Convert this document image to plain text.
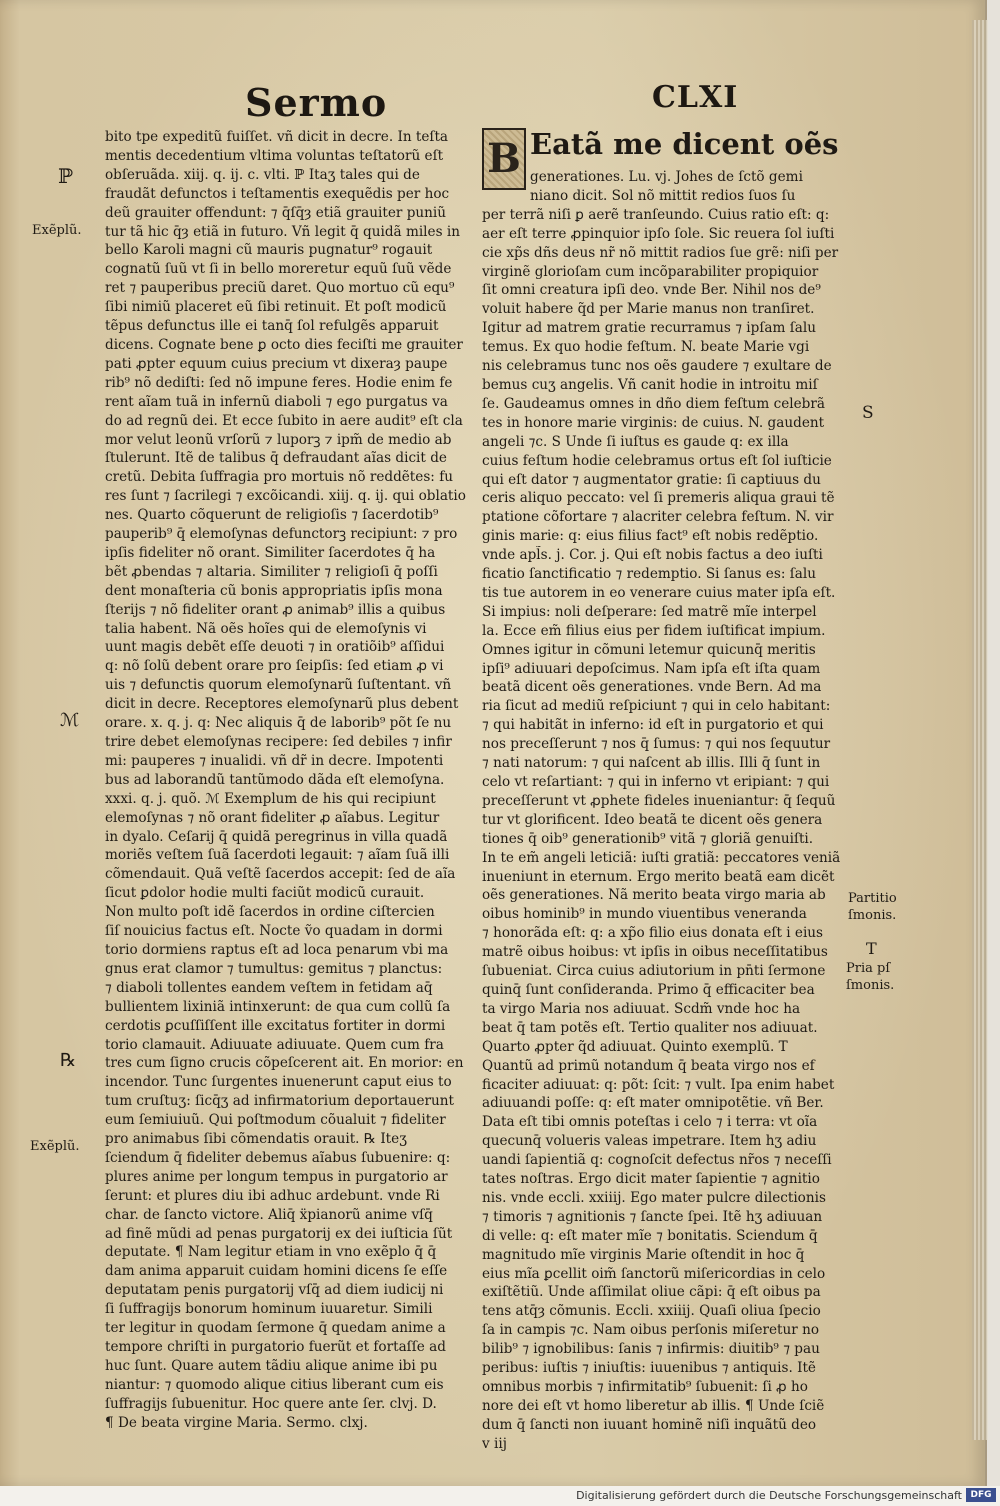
Sermo	CLXI
bito tpe expeditũ fuiſſet. vñ dicit in decre. In teſta
mentis decedentium vltima voluntas teſtatorũ eſt
obſeruãda. xiij. q. ij. c. vlti. ℙ Itaʒ tales qui de
fraudãt defunctos i teſtamentis exequẽdis per hoc
deũ grauiter offendunt: ⁊ q̄ſq̄ȝ etiã grauiter puniũ
tur tã hic q̄ȝ etiã in futuro. Vñ legit q̄ quidã miles in
bello Karoli magni cũ mauris pugnatur⁹ rogauit
cognatũ ſuũ vt ſi in bello moreretur equũ ſuũ vẽde
ret ⁊ pauperibus preciũ daret. Quo mortuo cũ equ⁹
ſibi nimiũ placeret eũ ſibi retinuit. Et poſt modicũ
tẽpus defunctus ille ei tanq̄ ſol refulgẽs apparuit
dicens. Cognate bene ꝑ octo dies feciſti me grauiter
pati ꝓpter equum cuius precium vt dixeraȝ paupe
rib⁹ nõ dediſti: ſed nõ impune feres. Hodie enim fe
rent aĩam tuã in infernũ diaboli ⁊ ego purgatus va
do ad regnũ dei. Et ecce ſubito in aere audit⁹ eſt cla
mor velut leonũ vrſorũ ⁊ luporꝫ ⁊ ipm̃ de medio ab
ſtulerunt. Itẽ de talibus q̄ defraudant aĩas dicit de
cretũ. Debita ſuffragia pro mortuis nõ reddẽtes: fu
res ſunt ⁊ ſacrilegi ⁊ excõicandi. xiij. q. ij. qui oblatio
nes. Quarto cõquerunt de religioſis ⁊ ſacerdotib⁹
pauperib⁹ q̄ elemoſynas defunctorꝫ recipiunt: ⁊ pro
ipſis fideliter nõ orant. Similiter ſacerdotes q̄ ha
bẽt ꝓbendas ⁊ altaria. Similiter ⁊ religioſi q̄ poſſi
dent monaſteria cũ bonis appropriatis ipſis mona
ſterijs ⁊ nõ fideliter orant ꝓ animab⁹ illis a quibus
talia habent. Nã oẽs hoĩes qui de elemoſynis vi
uunt magis debẽt eſſe deuoti ⁊ in oratiõib⁹ aſſidui
q: nõ ſolũ debent orare pro ſeipſis: ſed etiam ꝓ vi
uis ⁊ defunctis quorum elemoſynarũ ſuſtentant. vñ
dicit in decre. Receptores elemoſynarũ plus debent
orare. x. q. j. q: Nec aliquis q̄ de laborib⁹ põt ſe nu
trire debet elemoſynas recipere: ſed debiles ⁊ infir
mi: pauperes ⁊ inualidi. vñ dr̃ in decre. Impotenti
bus ad laborandũ tantũmodo dãda eſt elemoſyna.
xxxi. q. j. quõ. ℳ Exemplum de his qui recipiunt
elemoſynas ⁊ nõ orant fideliter ꝓ aĩabus. Legitur
in dyalo. Ceſarij q̄ quidã peregrinus in villa quadã
moriẽs veſtem ſuã ſacerdoti legauit: ⁊ aĩam ſuã illi
cõmendauit. Quã veſtẽ ſacerdos accepit: ſed de aĩa
ſicut ꝑdolor hodie multi faciũt modicũ curauit.
Non multo poſt idẽ ſacerdos in ordine ciſtercien
ſiſ nouicius factus eſt. Nocte ṽo quadam in dormi
torio dormiens raptus eſt ad loca penarum vbi ma
gnus erat clamor ⁊ tumultus: gemitus ⁊ planctus:
⁊ diaboli tollentes eandem veſtem in fetidam aq̄
bullientem lixiniã intinxerunt: de qua cum collũ ſa
cerdotis ꝑcuſſiſſent ille excitatus fortiter in dormi
torio clamauit. Adiuuate adiuuate. Quem cum fra
tres cum ſigno crucis cõpeſcerent ait. En morior: en
incendor. Tunc ſurgentes inuenerunt caput eius to
tum cruſtuʒ: ſicq̄ʒ ad infirmatorium deportauerunt
eum ſemiuiuũ. Qui poſtmodum cõualuit ⁊ fideliter
pro animabus ſibi cõmendatis orauit. ℞ Iteʒ
ſciendum q̄ fideliter debemus aĩabus ſubuenire: q:
plures anime per longum tempus in purgatorio ar
ſerunt: et plures diu ibi adhuc ardebunt. vnde Ri
char. de ſancto victore. Aliq̄ ẍpianorũ anime vſq̄
ad finẽ mũdi ad penas purgatorij ex dei iuſticia ſũt
deputate. ¶ Nam legitur etiam in vno exẽplo q̄ q̄
dam anima apparuit cuidam homini dicens ſe eſſe
deputatam penis purgatorij vſq̄ ad diem iudicij ni
ſi ſuffragijs bonorum hominum iuuaretur. Simili
ter legitur in quodam ſermone q̄ quedam anime a
tempore chriſti in purgatorio fuerũt et fortaſſe ad
huc ſunt. Quare autem tãdiu alique anime ibi pu
niantur: ⁊ quomodo alique citius liberant cum eis
ſuffragijs ſubuenitur. Hoc quere ante ſer. clvj. D.
¶ De beata virgine Maria. Sermo. clxj.
B Eatã me dicent oẽs
generationes. Lu. vj. Johes de ſctõ gemi
niano dicit. Sol nõ mittit redios ſuos ſu
per terrã niſi ꝑ aerẽ tranſeundo. Cuius ratio eſt: q:
aer eſt terre ꝓpinquior ipſo ſole. Sic reuera ſol iuſti
cie xp̃s dñs deus nr̃ nõ mittit radios ſue grẽ: niſi per
virginẽ glorioſam cum incõparabiliter propiquior
ſit omni creatura ipſi deo. vnde Ber. Nihil nos de⁹
voluit habere q̃d per Marie manus non tranſiret.
Igitur ad matrem gratie recurramus ⁊ ipſam ſalu
temus. Ex quo hodie feſtum. N. beate Marie vgi
nis celebramus tunc nos oẽs gaudere ⁊ exultare de
bemus cuʒ angelis. Vñ canit hodie in introitu miſ
ſe. Gaudeamus omnes in dño diem feſtum celebrã
tes in honore marie virginis: de cuius. N. gaudent
angeli ⁊c. S Unde ſi iuſtus es gaude q: ex illa
cuius feſtum hodie celebramus ortus eſt ſol iuſticie
qui eſt dator ⁊ augmentator gratie: ſi captiuus du
ceris aliquo peccato: vel ſi premeris aliqua graui tẽ
ptatione cõfortare ⁊ alacriter celebra feſtum. N. vir
ginis marie: q: eius filius fact⁹ eſt nobis redẽptio.
vnde apl̃s. j. Cor. j. Qui eſt nobis factus a deo iuſti
ficatio ſanctificatio ⁊ redemptio. Si ſanus es: ſalu
tis tue autorem in eo venerare cuius mater ipſa eſt.
Si impius: noli deſperare: ſed matrẽ mĩe interpel
la. Ecce em̃ filius eius per fidem iuſtificat impium.
Omnes igitur in cõmuni letemur quicunq̄ meritis
ipſi⁹ adiuuari depoſcimus. Nam ipſa eſt iſta quam
beatã dicent oẽs generationes. vnde Bern. Ad ma
ria ſicut ad mediũ reſpiciunt ⁊ qui in celo habitant:
⁊ qui habitãt in inferno: id eſt in purgatorio et qui
nos preceſſerunt ⁊ nos q̄ ſumus: ⁊ qui nos ſequutur
⁊ nati natorum: ⁊ qui naſcent ab illis. Illi q̄ ſunt in
celo vt reſartiant: ⁊ qui in inferno vt eripiant: ⁊ qui
preceſſerunt vt ꝓphete fideles inueniantur: q̄ ſequũ
tur vt glorificent. Ideo beatã te dicent oẽs genera
tiones q̄ oib⁹ generationib⁹ vitã ⁊ gloriã genuiſti.
In te em̃ angeli leticiã: iuſti gratiã: peccatores veniã
inueniunt in eternum. Ergo merito beatã eam dicẽt
oẽs generationes. Nã merito beata virgo maria ab
oibus hominib⁹ in mundo viuentibus veneranda
⁊ honorãda eſt: q: a xp̃o filio eius donata eſt i eius
matrẽ oibus hoibus: vt ipſis in oibus neceſſitatibus
ſubueniat. Circa cuius adiutorium in pn̄ti ſermone
quinq̄ ſunt conſideranda. Primo q̄ efficaciter bea
ta virgo Maria nos adiuuat. Scdm̃ vnde hoc ha
beat q̄ tam potẽs eſt. Tertio qualiter nos adiuuat.
Quarto ꝓpter q̃d adiuuat. Quinto exemplũ. T
Quantũ ad primũ notandum q̄ beata virgo nos ef
ficaciter adiuuat: q: põt: ſcit: ⁊ vult. Ipa enim habet
adiuuandi poſſe: q: eſt mater omnipotẽtie. vñ Ber.
Data eſt tibi omnis poteſtas i celo ⁊ i terra: vt oĩa
quecunq̄ volueris valeas impetrare. Item hʒ adiu
uandi ſapientiã q: cognoſcit defectus nr̃os ⁊ neceſſi
tates noſtras. Ergo dicit mater ſapientie ⁊ agnitio
nis. vnde eccli. xxiiij. Ego mater pulcre dilectionis
⁊ timoris ⁊ agnitionis ⁊ ſancte ſpei. Itẽ hʒ adiuuan
di velle: q: eſt mater mĩe ⁊ bonitatis. Sciendum q̄
magnitudo mĩe virginis Marie oſtendit in hoc q̄
eius mĩa ꝑcellit oim̃ ſanctorũ miſericordias in celo
exiſtẽtiũ. Unde aſſimilat oliue cãpi: q̄ eſt oibus pa
tens atq̄ȝ cõmunis. Eccli. xxiiij. Quaſi oliua ſpecio
ſa in campis ⁊c. Nam oibus perſonis miſeretur no
bilib⁹ ⁊ ignobilibus: ſanis ⁊ infirmis: diuitib⁹ ⁊ pau
peribus: iuſtis ⁊ iniuſtis: iuuenibus ⁊ antiquis. Itẽ
omnibus morbis ⁊ infirmitatib⁹ ſubuenit: ſi ꝓ ho
nore dei eſt vt homo liberetur ab illis. ¶ Unde ſciẽ
dum q̄ ſancti non iuuant hominẽ niſi inquãtũ deo
v iij
ℙ
Exẽplũ.
ℳ
℞
Exẽplũ.
S
Partitio ſmonis.
T
Pria pſ ſmonis.
Digitalisierung gefördert durch die Deutsche Forschungsgemeinschaft DFG
